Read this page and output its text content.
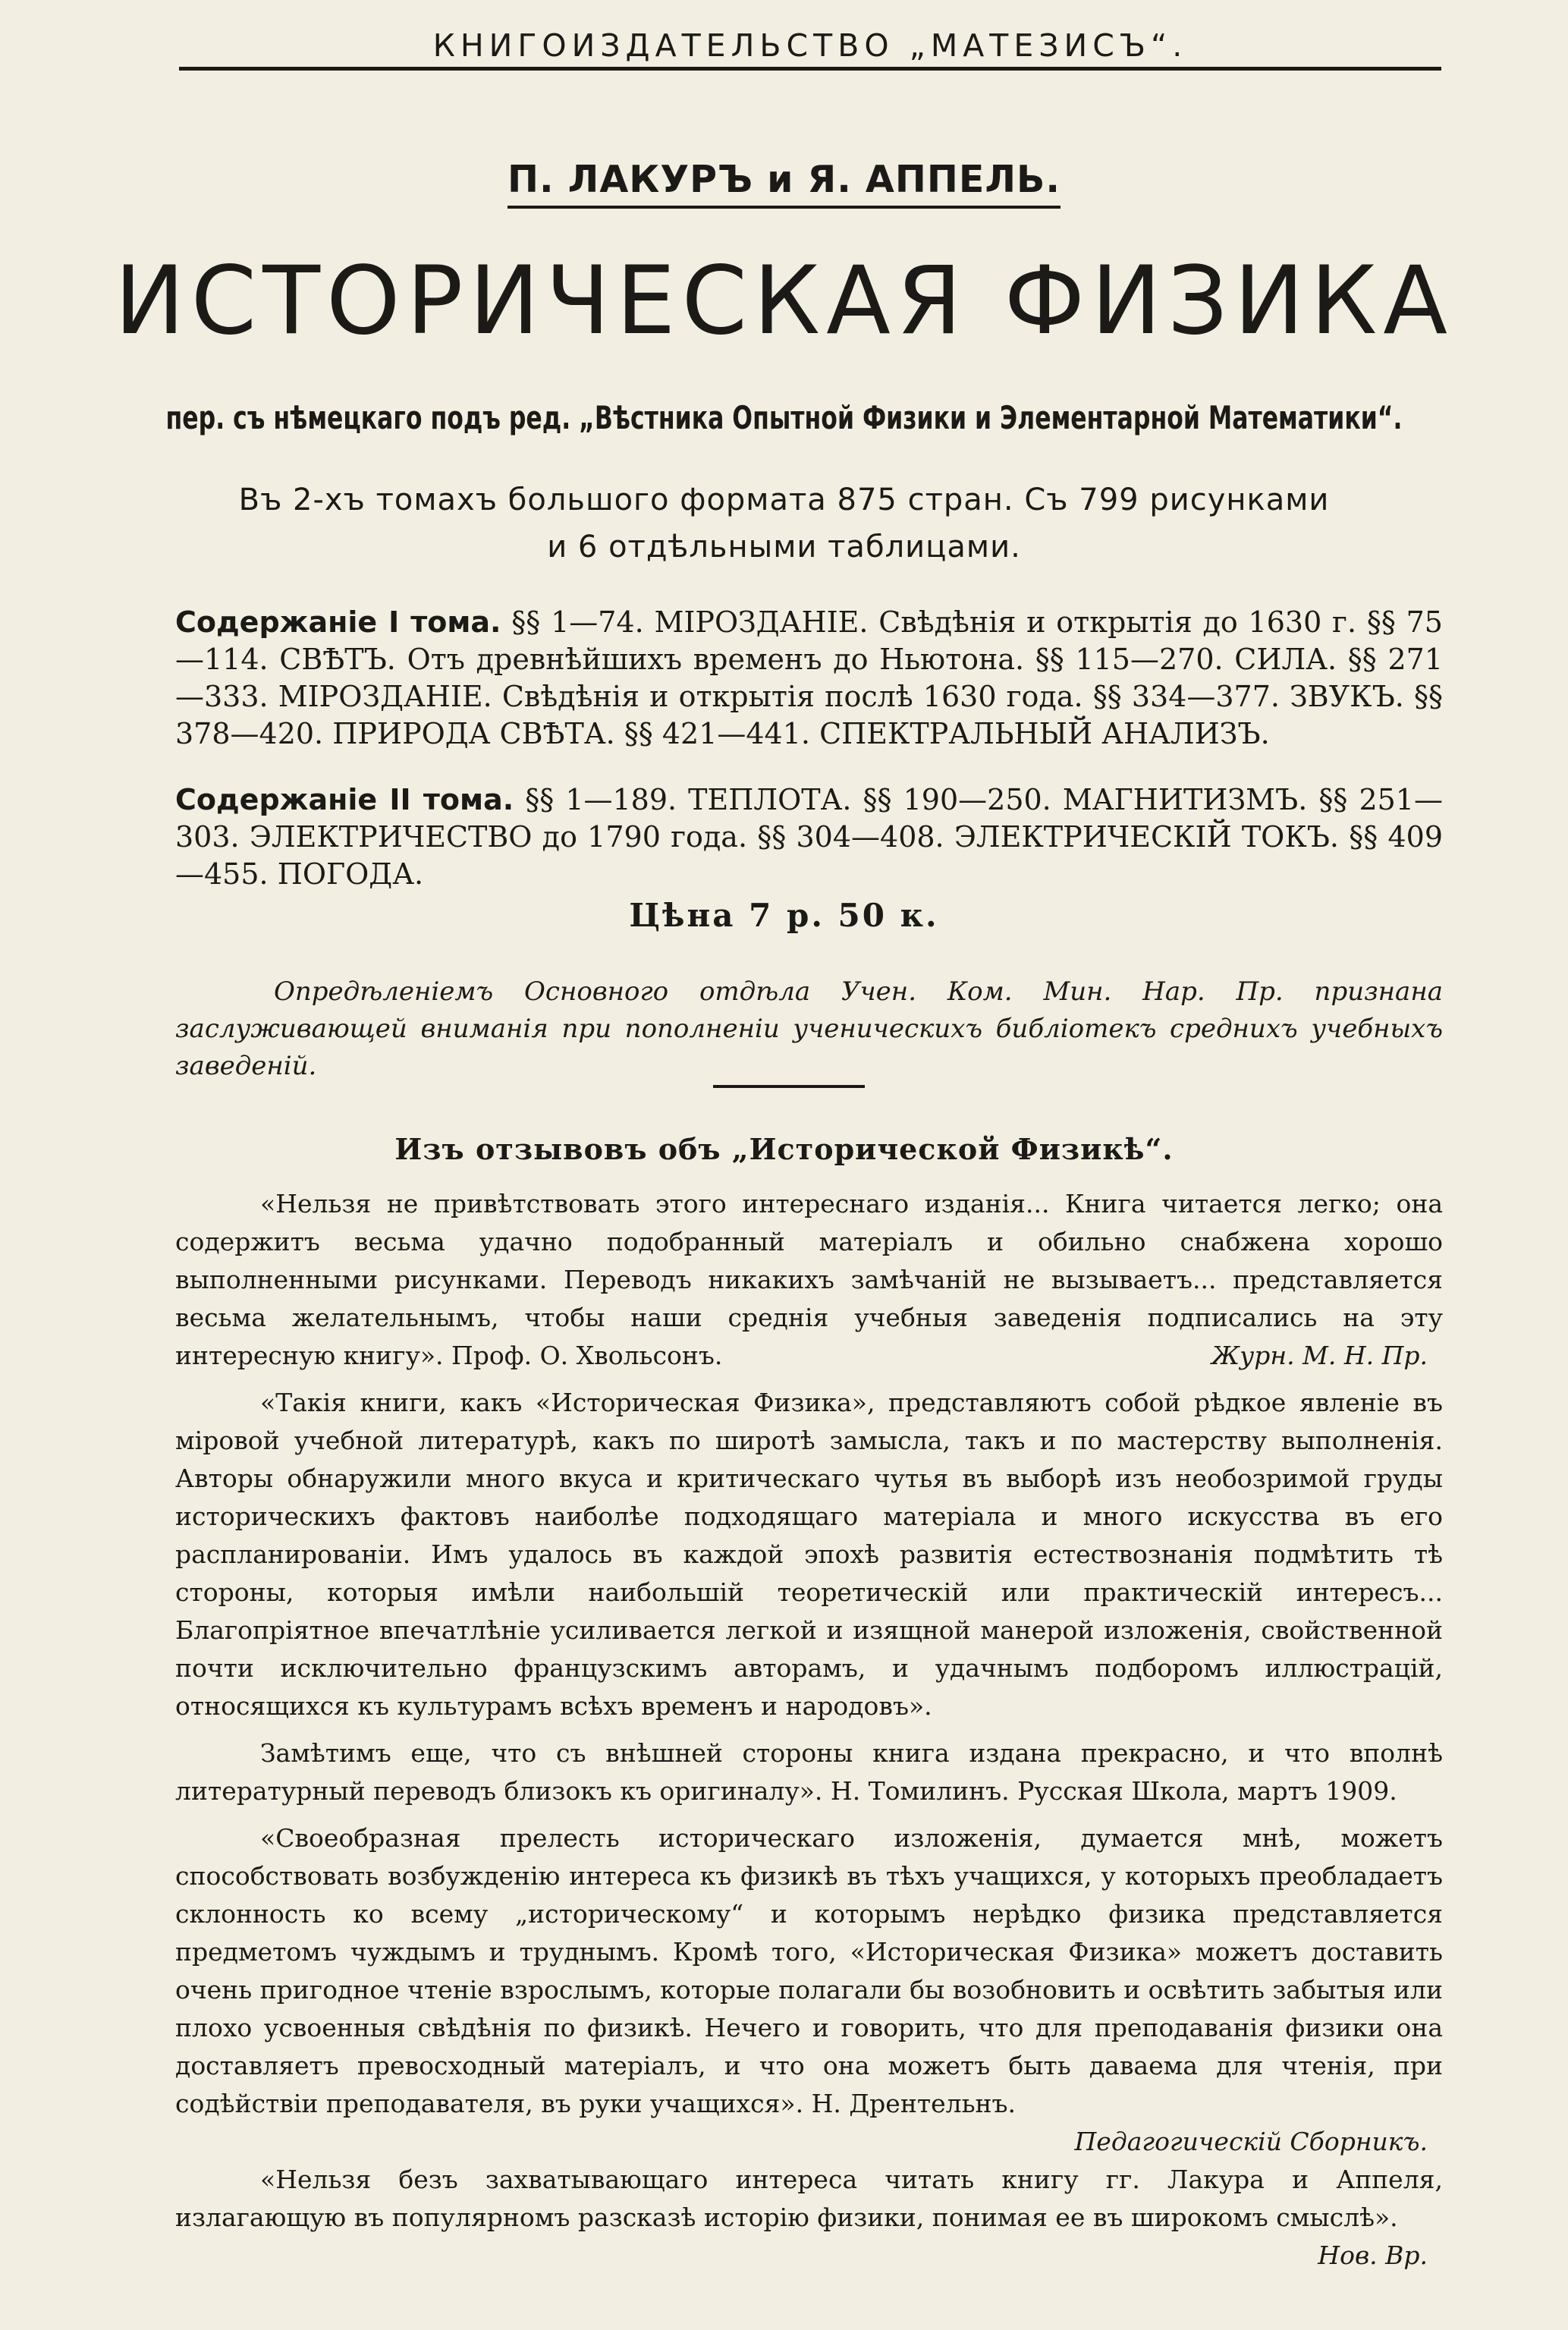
КНИГОИЗДАТЕЛЬСТВО „МАТЕЗИСЪ“.
П. ЛАКУРЪ и Я. АППЕЛЬ.
ИСТОРИЧЕСКАЯ ФИЗИКА
пер. съ нѣмецкаго подъ ред. „Вѣстника Опытной Физики и Элементарной Математики“.
Въ 2-хъ томахъ большого формата 875 стран. Съ 799 рисунками
и 6 отдѣльными таблицами.
Содержаніе I тома. §§ 1—74. МІРОЗДАНІЕ. Свѣдѣнія и открытія до 1630 г. §§ 75—114. СВѢТЪ. Отъ древнѣйшихъ временъ до Ньютона. §§ 115—270. СИЛА. §§ 271—333. МІРОЗДАНІЕ. Свѣдѣнія и открытія послѣ 1630 года. §§ 334—377. ЗВУКЪ. §§ 378—420. ПРИРОДА СВѢТА. §§ 421—441. СПЕКТРАЛЬНЫЙ АНАЛИЗЪ.
Содержаніе II тома. §§ 1—189. ТЕПЛОТА. §§ 190—250. МАГНИТИЗМЪ. §§ 251—303. ЭЛЕКТРИЧЕСТВО до 1790 года. §§ 304—408. ЭЛЕКТРИЧЕСКІЙ ТОКЪ. §§ 409—455. ПОГОДА.
Цѣна 7 р. 50 к.
Опредѣленіемъ Основного отдѣла Учен. Ком. Мин. Нар. Пр. признана заслуживающей вниманія при пополненіи ученическихъ библіотекъ среднихъ учебныхъ заведеній.
Изъ отзывовъ объ „Исторической Физикѣ“.

«Нельзя не привѣтствовать этого интереснаго изданія... Книга читается легко; она содержитъ весьма удачно подобранный матеріалъ и обильно снабжена хорошо выполненными рисунками. Переводъ никакихъ замѣчаній не вызываетъ... представляется весьма желательнымъ, чтобы наши среднія учебныя заведенія подписались на эту интересную книгу». Проф. О. Хвольсонъ.	Журн. М. Н. Пр.

«Такія книги, какъ «Историческая Физика», представляютъ собой рѣдкое явленіе въ міровой учебной литературѣ, какъ по широтѣ замысла, такъ и по мастерству выполненія. Авторы обнаружили много вкуса и критическаго чутья въ выборѣ изъ необозримой груды историческихъ фактовъ наиболѣе подходящаго матеріала и много искусства въ его распланированіи. Имъ удалось въ каждой эпохѣ развитія естествознанія подмѣтить тѣ стороны, которыя имѣли наибольшій теоретическій или практическій интересъ... Благопріятное впечатлѣніе усиливается легкой и изящной манерой изложенія, свойственной почти исключительно французскимъ авторамъ, и удачнымъ подборомъ иллюстрацій, относящихся къ культурамъ всѣхъ временъ и народовъ».

Замѣтимъ еще, что съ внѣшней стороны книга издана прекрасно, и что вполнѣ литературный переводъ близокъ къ оригиналу». Н. Томилинъ. Русская Школа, мартъ 1909.

«Своеобразная прелесть историческаго изложенія, думается мнѣ, можетъ способствовать возбужденію интереса къ физикѣ въ тѣхъ учащихся, у которыхъ преобладаетъ склонность ко всему „историческому“ и которымъ нерѣдко физика представляется предметомъ чуждымъ и труднымъ. Кромѣ того, «Историческая Физика» можетъ доставить очень пригодное чтеніе взрослымъ, которые полагали бы возобновить и освѣтить забытыя или плохо усвоенныя свѣдѣнія по физикѣ. Нечего и говорить, что для преподаванія физики она доставляетъ превосходный матеріалъ, и что она можетъ быть даваема для чтенія, при содѣйствіи преподавателя, въ руки учащихся». Н. Дрентельнъ.
Педагогическій Сборникъ.

«Нельзя безъ захватывающаго интереса читать книгу гг. Лакура и Аппеля, излагающую въ популярномъ разсказѣ исторію физики, понимая ее въ широкомъ смыслѣ».
Нов. Вр.
